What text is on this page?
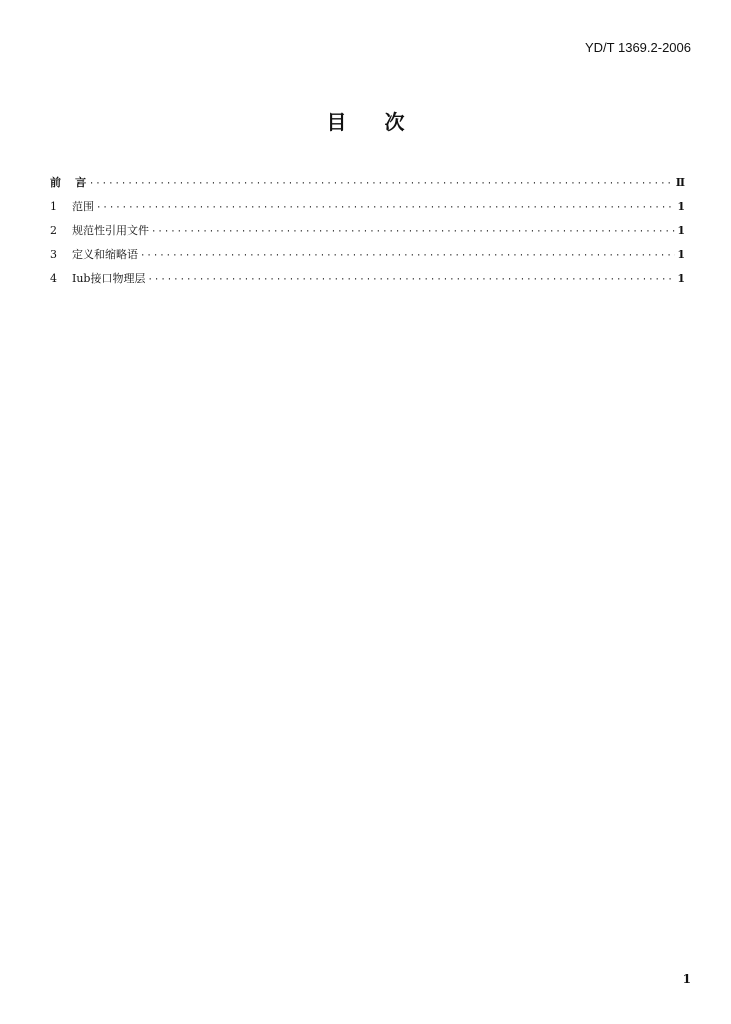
YD/T 1369.2-2006
目 次
前言 ·····	Ⅱ
1	范围 ·····	1
2	规范性引用文件 ·····	1
3	定义和缩略语 ·····	1
4	Iub接口物理层 ·····	1
1
